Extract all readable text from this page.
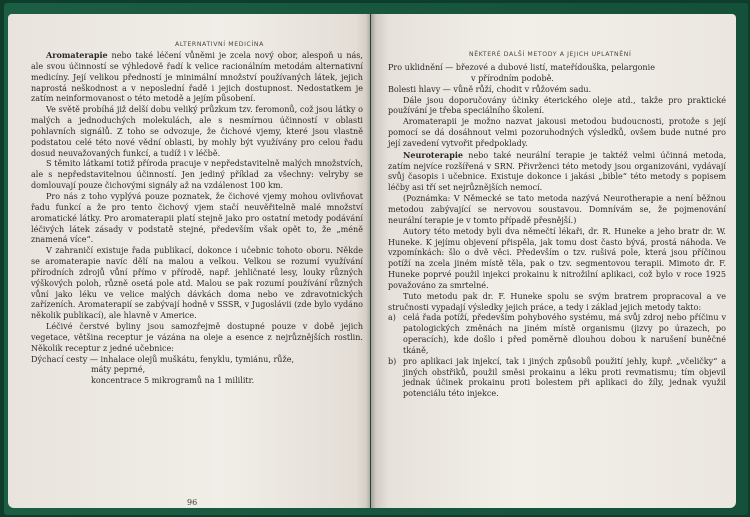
ALTERNATIVNÍ MEDICÍNA
Aromaterapie nebo také léčení vůněmi je zcela nový obor, alespoň u nás, ale svou účinností se výhledově řadí k velice racionálním metodám alternativní medicíny. Její velikou předností je minimální množství používaných látek, jejich naprostá neškodnost a v neposlední řadě i jejich dostupnost. Nedostatkem je zatím neinformovanost o této metodě a jejím působení.
Ve světě probíhá již delší dobu veliký průzkum tzv. feromonů, což jsou látky o malých a jednoduchých molekulách, ale s nesmírnou účinností v oblasti pohlavních signálů. Z toho se odvozuje, že čichové vjemy, které jsou vlastně podstatou celé této nové vědní oblasti, by mohly být využívány pro celou řadu dosud neuvažovaných funkcí, a tudíž i v léčbě.
S těmito látkami totiž příroda pracuje v nepředstavitelně malých množstvích, ale s nepředstavitelnou účinností. Jen jediný příklad za všechny: velryby se domlouvají pouze čichovými signály až na vzdálenost 100 km.
Pro nás z toho vyplývá pouze poznatek, že čichové vjemy mohou ovlivňovat řadu funkcí a že pro tento čichový vjem stačí neuvěřitelně malé množství aromatické látky. Pro aromaterapii platí stejně jako pro ostatní metody podávání léčivých látek zásady v podstatě stejné, především však opět to, že „méně znamená více“.
V zahraničí existuje řada publikací, dokonce i učebnic tohoto oboru. Někde se aromaterapie navíc dělí na malou a velkou. Velkou se rozumí využívání přírodních zdrojů vůní přímo v přírodě, např. jehličnaté lesy, louky různých výškových poloh, různě osetá pole atd. Malou se pak rozumí používání různých vůní jako léku ve velice malých dávkách doma nebo ve zdravotnických zařízeních. Aromaterapií se zabývají hodně v SSSR, v Jugoslávii (zde bylo vydáno několik publikací), ale hlavně v Americe.
Léčivé čerstvé byliny jsou samozřejmě dostupné pouze v době jejich vegetace, většina receptur je vázána na oleje a esence z nejrůznějších rostlin. Několik receptur z jedné učebnice:
Dýchací cesty — inhalace olejů muškátu, fenyklu, tymiánu, růže,
máty peprné,
koncentrace 5 mikrogramů na 1 mililitr.
96
NĚKTERÉ DALŠÍ METODY A JEJICH UPLATNĚNÍ
Pro uklidnění — březové a dubové listí, mateřídouška, pelargonie
v přírodním podobě.
Bolesti hlavy — vůně růží, chodit v růžovém sadu.
Dále jsou doporučovány účinky éterického oleje atd., takže pro praktické používání je třeba speciálního školení.
Aromaterapii je možno nazvat jakousi metodou budoucnosti, protože s její pomocí se dá dosáhnout velmi pozoruhodných výsledků, ovšem bude nutné pro její zavedení vytvořit předpoklady.
Neuroterapie nebo také neurální terapie je taktéž velmi účinná metoda, zatím nejvíce rozšířená v SRN. Přivrženci této metody jsou organizováni, vydávají svůj časopis i učebnice. Existuje dokonce i jakási „bible“ této metody s popisem léčby asi tří set nejrůznějších nemocí.
(Poznámka: V Německé se tato metoda nazývá Neurotherapie a není běžnou metodou zabývající se nervovou soustavou. Domnívám se, že pojmenování neurální terapie je v tomto případě přesnější.)
Autory této metody byli dva němečtí lékaři, dr. R. Huneke a jeho bratr dr. W. Huneke. K jejímu objevení přispěla, jak tomu dost často bývá, prostá náhoda. Ve vzpomínkách: šlo o dvě věci. Především o tzv. rušivá pole, která jsou příčinou potíží na zcela jiném místě těla, pak o tzv. segmentovou terapii. Mimoto dr. F. Huneke poprvé použil injekci prokainu k nitrožilní aplikaci, což bylo v roce 1925 považováno za smrtelné.
Tuto metodu pak dr. F. Huneke spolu se svým bratrem propracoval a ve stručnosti vypadají výsledky jejich práce, a tedy i základ jejich metody takto:
a) celá řada potíží, především pohybového systému, má svůj zdroj nebo příčinu v patologických změnách na jiném místě organismu (jizvy po úrazech, po operacích), kde došlo i před poměrně dlouhou dobou k narušení buněčné tkáně,
b) pro aplikaci jak injekcí, tak i jiných způsobů použití jehly, kupř. „včeličky“ a jiných obstřiků, použil směsi prokainu a léku proti revmatismu; tím objevil jednak účinek prokainu proti bolestem při aplikaci do žíly, jednak využil potenciálu této injekce.
